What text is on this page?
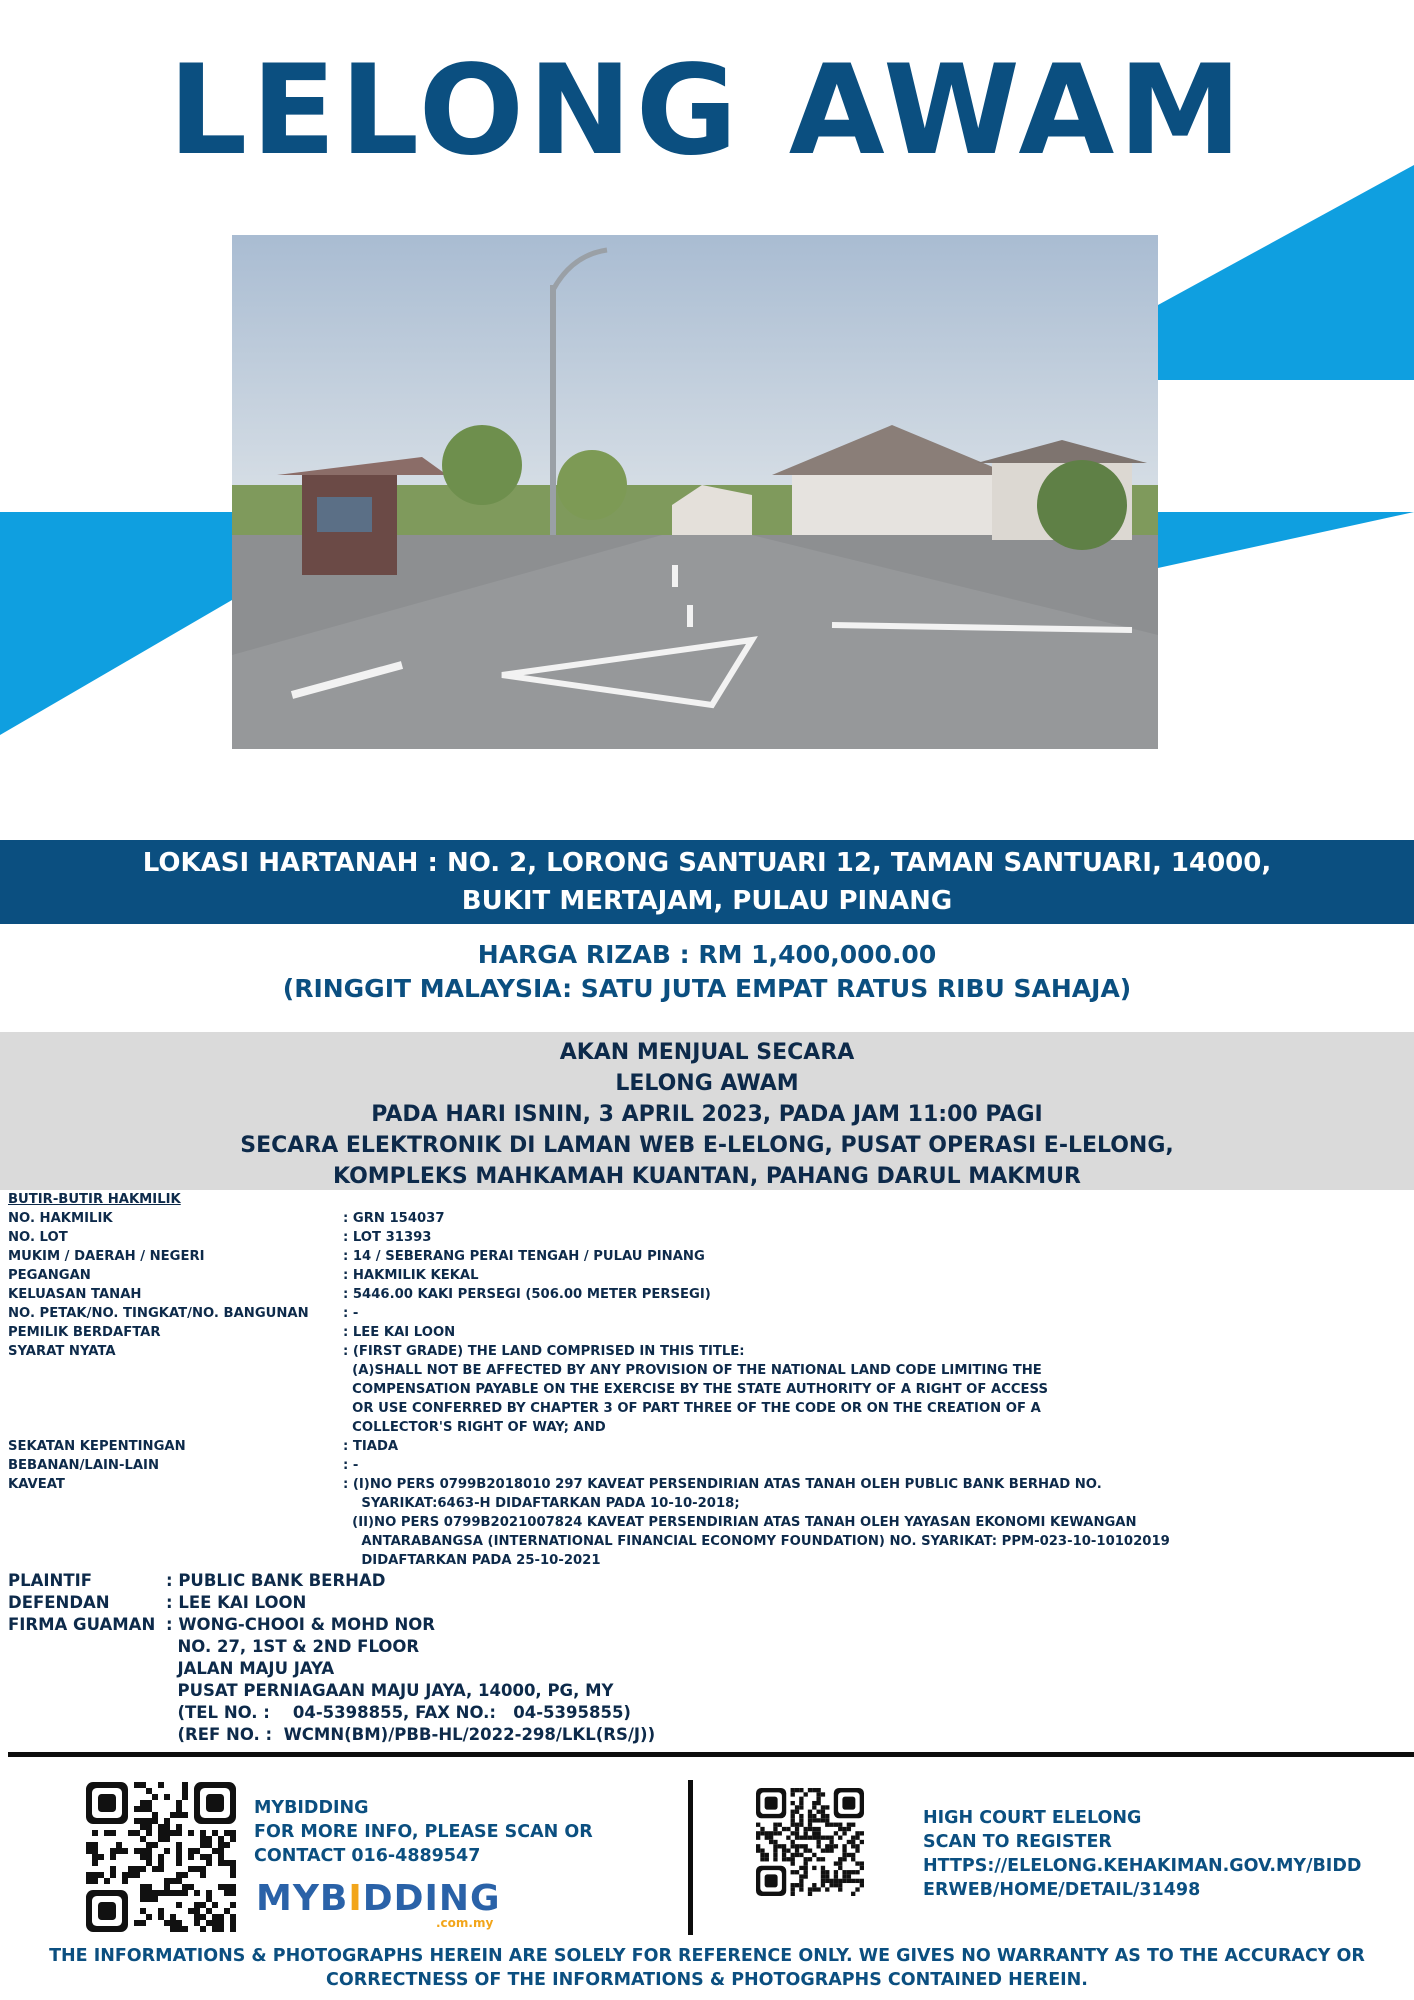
LELONG AWAM
LOKASI HARTANAH : NO. 2, LORONG SANTUARI 12, TAMAN SANTUARI, 14000, BUKIT MERTAJAM, PULAU PINANG
HARGA RIZAB : RM 1,400,000.00
(RINGGIT MALAYSIA: SATU JUTA EMPAT RATUS RIBU SAHAJA)
AKAN MENJUAL SECARA
LELONG AWAM
PADA HARI ISNIN, 3 APRIL 2023, PADA JAM 11:00 PAGI
SECARA ELEKTRONIK DI LAMAN WEB E-LELONG, PUSAT OPERASI E-LELONG,
KOMPLEKS MAHKAMAH KUANTAN, PAHANG DARUL MAKMUR
BUTIR-BUTIR HAKMILIK
NO. HAKMILIK	: GRN 154037
NO. LOT	: LOT 31393
MUKIM / DAERAH / NEGERI	: 14 / SEBERANG PERAI TENGAH / PULAU PINANG
PEGANGAN	: HAKMILIK KEKAL
KELUASAN TANAH	: 5446.00 KAKI PERSEGI (506.00 METER PERSEGI)
NO. PETAK/NO. TINGKAT/NO. BANGUNAN	: -
PEMILIK BERDAFTAR	: LEE KAI LOON
SYARAT NYATA	: (FIRST GRADE) THE LAND COMPRISED IN THIS TITLE:
(A)SHALL NOT BE AFFECTED BY ANY PROVISION OF THE NATIONAL LAND CODE LIMITING THE
COMPENSATION PAYABLE ON THE EXERCISE BY THE STATE AUTHORITY OF A RIGHT OF ACCESS
OR USE CONFERRED BY CHAPTER 3 OF PART THREE OF THE CODE OR ON THE CREATION OF A
COLLECTOR'S RIGHT OF WAY; AND
SEKATAN KEPENTINGAN	: TIADA
BEBANAN/LAIN-LAIN	: -
KAVEAT	: (I)NO PERS 0799B2018010 297 KAVEAT PERSENDIRIAN ATAS TANAH OLEH PUBLIC BANK BERHAD NO.
SYARIKAT:6463-H DIDAFTARKAN PADA 10-10-2018;
(II)NO PERS 0799B2021007824 KAVEAT PERSENDIRIAN ATAS TANAH OLEH YAYASAN EKONOMI KEWANGAN
ANTARABANGSA (INTERNATIONAL FINANCIAL ECONOMY FOUNDATION) NO. SYARIKAT: PPM-023-10-10102019
DIDAFTARKAN PADA 25-10-2021
PLAINTIF	: PUBLIC BANK BERHAD
DEFENDAN	: LEE KAI LOON
FIRMA GUAMAN : WONG-CHOOI & MOHD NOR
NO. 27, 1ST & 2ND FLOOR
JALAN MAJU JAYA
PUSAT PERNIAGAAN MAJU JAYA, 14000, PG, MY
(TEL NO. :    04-5398855, FAX NO.:   04-5395855)
(REF NO. :  WCMN(BM)/PBB-HL/2022-298/LKL(RS/J))
MYBIDDING
FOR MORE INFO, PLEASE SCAN OR
CONTACT 016-4889547
MYBIDDING
.com.my
HIGH COURT ELELONG
SCAN TO REGISTER
HTTPS://ELELONG.KEHAKIMAN.GOV.MY/BIDD
ERWEB/HOME/DETAIL/31498
THE INFORMATIONS & PHOTOGRAPHS HEREIN ARE SOLELY FOR REFERENCE ONLY. WE GIVES NO WARRANTY AS TO THE ACCURACY OR
CORRECTNESS OF THE INFORMATIONS & PHOTOGRAPHS CONTAINED HEREIN.
